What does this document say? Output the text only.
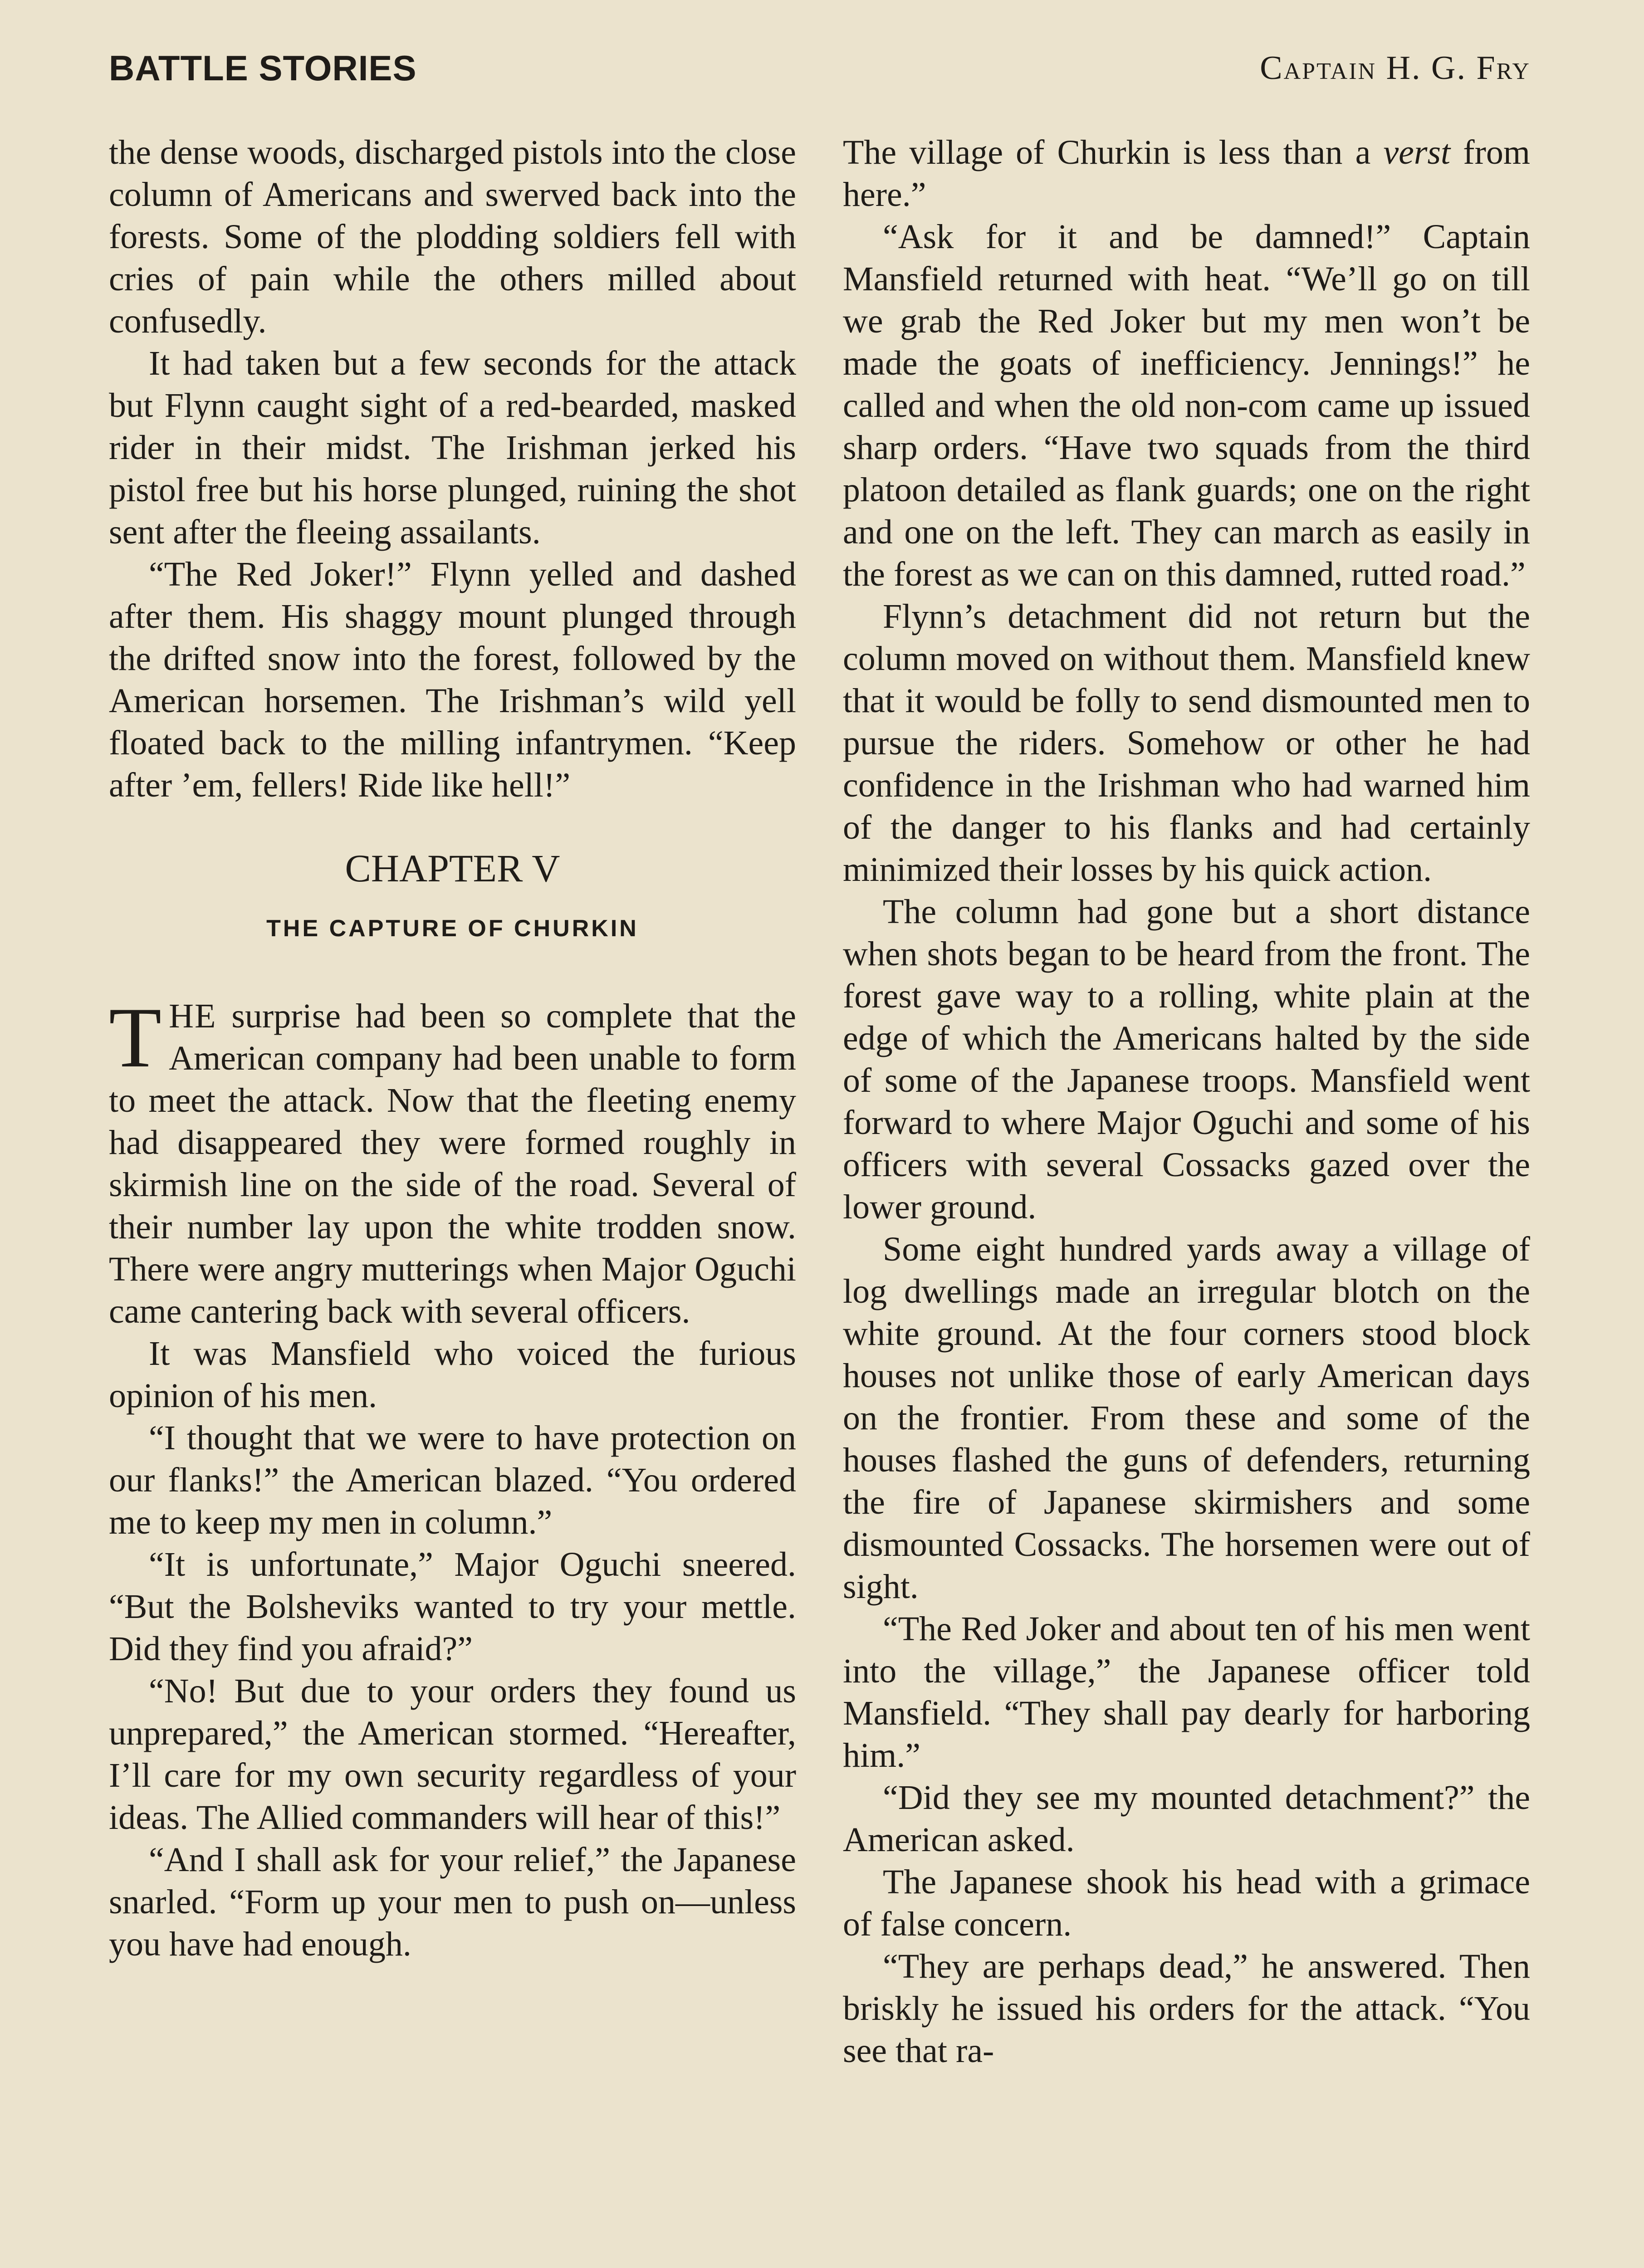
BATTLE STORIES	Captain H. G. Fry

the dense woods, discharged pistols into the close column of Americans and swerved back into the forests. Some of the plodding soldiers fell with cries of pain while the others milled about confusedly.

It had taken but a few seconds for the attack but Flynn caught sight of a red-bearded, masked rider in their midst. The Irishman jerked his pistol free but his horse plunged, ruining the shot sent after the fleeing assailants.

“The Red Joker!” Flynn yelled and dashed after them. His shaggy mount plunged through the drifted snow into the forest, followed by the American horsemen. The Irishman’s wild yell floated back to the milling infantrymen. “Keep after ’em, fellers! Ride like hell!”

CHAPTER V
THE CAPTURE OF CHURKIN

THE surprise had been so complete that the American company had been unable to form to meet the attack. Now that the fleeting enemy had disappeared they were formed roughly in skirmish line on the side of the road. Several of their number lay upon the white trodden snow. There were angry mutterings when Major Oguchi came cantering back with several officers.

It was Mansfield who voiced the furious opinion of his men.

“I thought that we were to have protection on our flanks!” the American blazed. “You ordered me to keep my men in column.”

“It is unfortunate,” Major Oguchi sneered. “But the Bolsheviks wanted to try your mettle. Did they find you afraid?”

“No! But due to your orders they found us unprepared,” the American stormed. “Hereafter, I’ll care for my own security regardless of your ideas. The Allied commanders will hear of this!”

“And I shall ask for your relief,” the Japanese snarled. “Form up your men to push on—unless you have had enough.

The village of Churkin is less than a verst from here.”

“Ask for it and be damned!” Captain Mansfield returned with heat. “We’ll go on till we grab the Red Joker but my men won’t be made the goats of inefficiency. Jennings!” he called and when the old non-com came up issued sharp orders. “Have two squads from the third platoon detailed as flank guards; one on the right and one on the left. They can march as easily in the forest as we can on this damned, rutted road.”

Flynn’s detachment did not return but the column moved on without them. Mansfield knew that it would be folly to send dismounted men to pursue the riders. Somehow or other he had confidence in the Irishman who had warned him of the danger to his flanks and had certainly minimized their losses by his quick action.

The column had gone but a short distance when shots began to be heard from the front. The forest gave way to a rolling, white plain at the edge of which the Americans halted by the side of some of the Japanese troops. Mansfield went forward to where Major Oguchi and some of his officers with several Cossacks gazed over the lower ground.

Some eight hundred yards away a village of log dwellings made an irregular blotch on the white ground. At the four corners stood block houses not unlike those of early American days on the frontier. From these and some of the houses flashed the guns of defenders, returning the fire of Japanese skirmishers and some dismounted Cossacks. The horsemen were out of sight.

“The Red Joker and about ten of his men went into the village,” the Japanese officer told Mansfield. “They shall pay dearly for harboring him.”

“Did they see my mounted detachment?” the American asked.

The Japanese shook his head with a grimace of false concern.

“They are perhaps dead,” he answered. Then briskly he issued his orders for the attack. “You see that ra-
